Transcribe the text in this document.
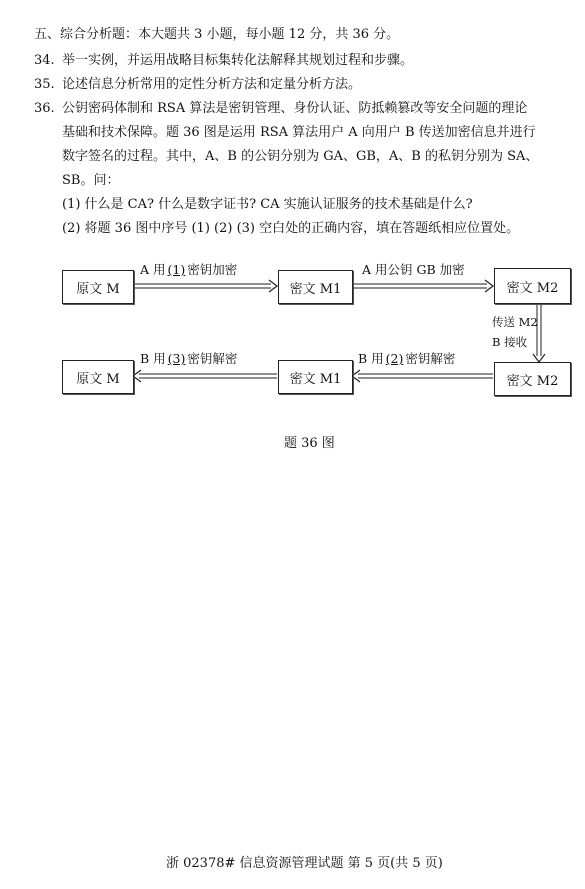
五、综合分析题：本大题共 3 小题，每小题 12 分，共 36 分。
34. 举一实例，并运用战略目标集转化法解释其规划过程和步骤。
35. 论述信息分析常用的定性分析方法和定量分析方法。
36. 公钥密码体制和 RSA 算法是密钥管理、身份认证、防抵赖篡改等安全问题的理论
基础和技术保障。题 36 图是运用 RSA 算法用户 A 向用户 B 传送加密信息并进行
数字签名的过程。其中，A、B 的公钥分别为 GA、GB，A、B 的私钥分别为 SA、
SB。问：
(1) 什么是 CA? 什么是数字证书? CA 实施认证服务的技术基础是什么?
(2) 将题 36 图中序号 (1) (2) (3) 空白处的正确内容，填在答题纸相应位置处。
原文 M	密文 M1	密文 M2
原文 M	密文 M1	密文 M2
A 用 (1) 密钥加密	A 用公钥 GB 加密
传送 M2
B 接收
B 用 (3) 密钥解密	B 用 (2) 密钥解密
题 36 图
浙 02378# 信息资源管理试题 第 5 页(共 5 页)
